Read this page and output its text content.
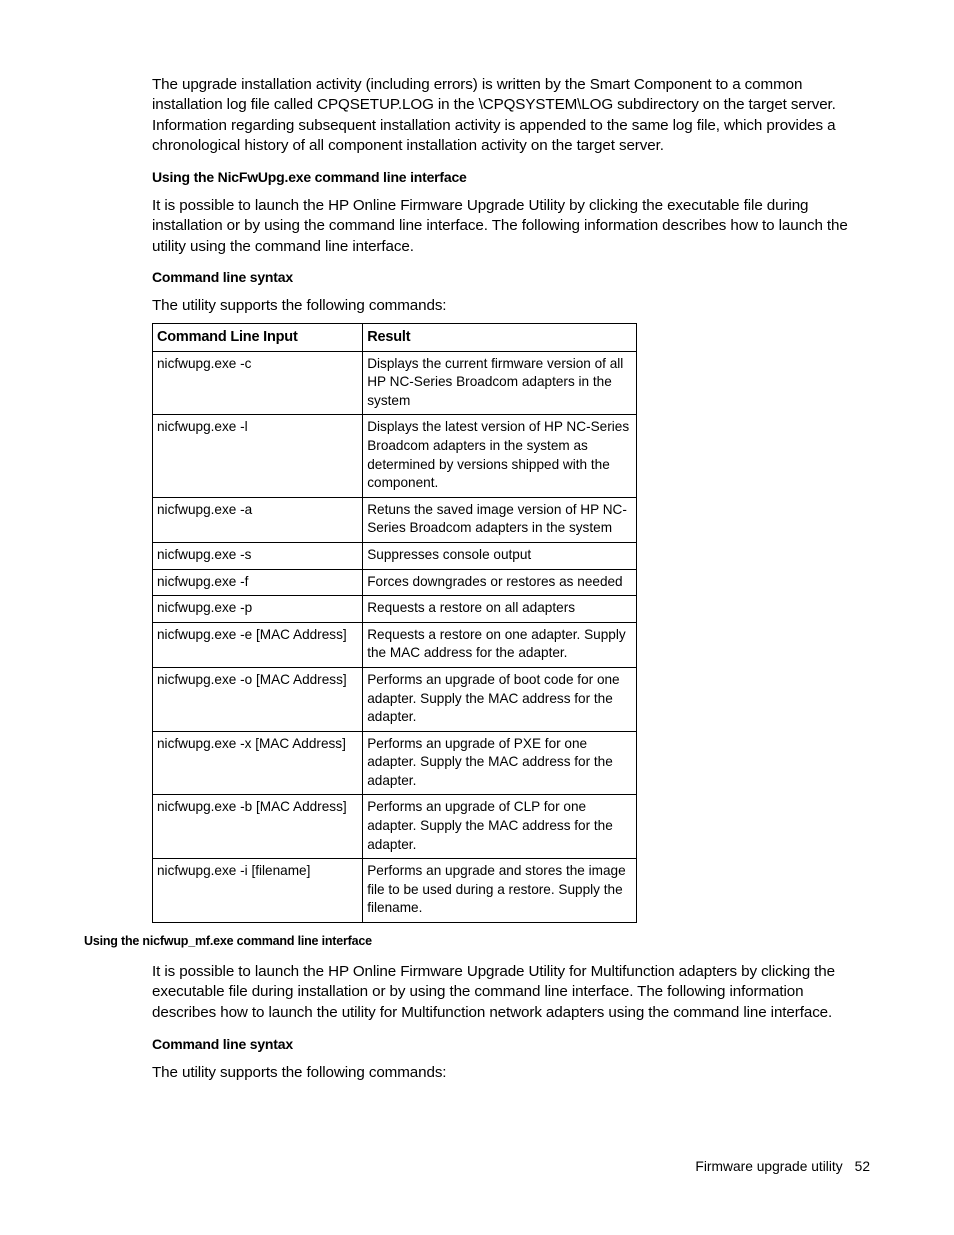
The upgrade installation activity (including errors) is written by the Smart Component to a common installation log file called CPQSETUP.LOG in the \CPQSYSTEM\LOG subdirectory on the target server. Information regarding subsequent installation activity is appended to the same log file, which provides a chronological history of all component installation activity on the target server.

Using the NicFwUpg.exe command line interface

It is possible to launch the HP Online Firmware Upgrade Utility by clicking the executable file during installation or by using the command line interface. The following information describes how to launch the utility using the command line interface.

Command line syntax

The utility supports the following commands:

Command Line Input	Result
nicfwupg.exe -c	Displays the current firmware version of all HP NC-Series Broadcom adapters in the system
nicfwupg.exe -l	Displays the latest version of HP NC-Series Broadcom adapters in the system as determined by versions shipped with the component.
nicfwupg.exe -a	Retuns the saved image version of HP NC-Series Broadcom adapters in the system
nicfwupg.exe -s	Suppresses console output
nicfwupg.exe -f	Forces downgrades or restores as needed
nicfwupg.exe -p	Requests a restore on all adapters
nicfwupg.exe -e [MAC Address]	Requests a restore on one adapter. Supply the MAC address for the adapter.
nicfwupg.exe -o [MAC Address]	Performs an upgrade of boot code for one adapter. Supply the MAC address for the adapter.
nicfwupg.exe -x [MAC Address]	Performs an upgrade of PXE for one adapter. Supply the MAC address for the adapter.
nicfwupg.exe -b [MAC Address]	Performs an upgrade of CLP for one adapter. Supply the MAC address for the adapter.
nicfwupg.exe -i [filename]	Performs an upgrade and stores the image file to be used during a restore. Supply the filename.

Using the nicfwup_mf.exe command line interface

It is possible to launch the HP Online Firmware Upgrade Utility for Multifunction adapters by clicking the executable file during installation or by using the command line interface. The following information describes how to launch the utility for Multifunction network adapters using the command line interface.

Command line syntax

The utility supports the following commands:

Firmware upgrade utility 52
